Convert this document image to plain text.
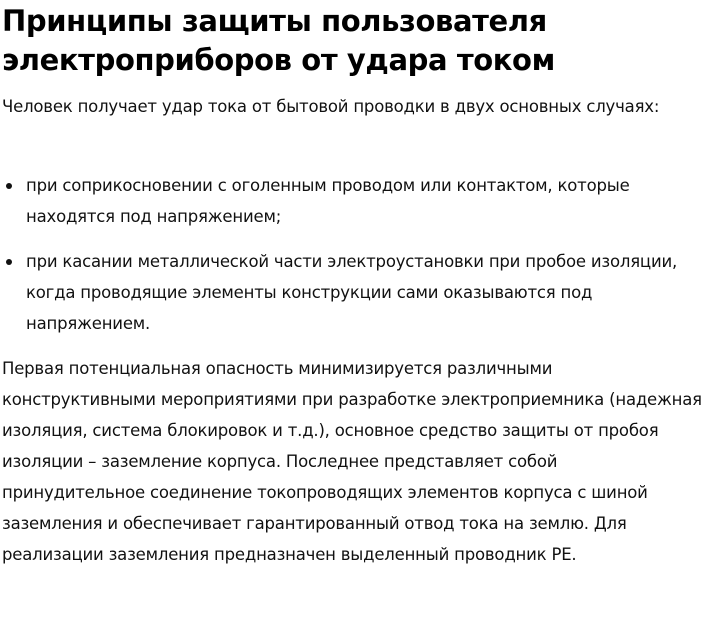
Принципы защиты пользователя электроприборов от удара током

Человек получает удар тока от бытовой проводки в двух основных случаях:

при соприкосновении с оголенным проводом или контактом, которые находятся под напряжением;
при касании металлической части электроустановки при пробое изоляции, когда проводящие элементы конструкции сами оказываются под напряжением.

Первая потенциальная опасность минимизируется различными конструктивными мероприятиями при разработке электроприемника (надежная изоляция, система блокировок и т.д.), основное средство защиты от пробоя изоляции – заземление корпуса. Последнее представляет собой принудительное соединение токопроводящих элементов корпуса с шиной заземления и обеспечивает гарантированный отвод тока на землю. Для реализации заземления предназначен выделенный проводник PE.
